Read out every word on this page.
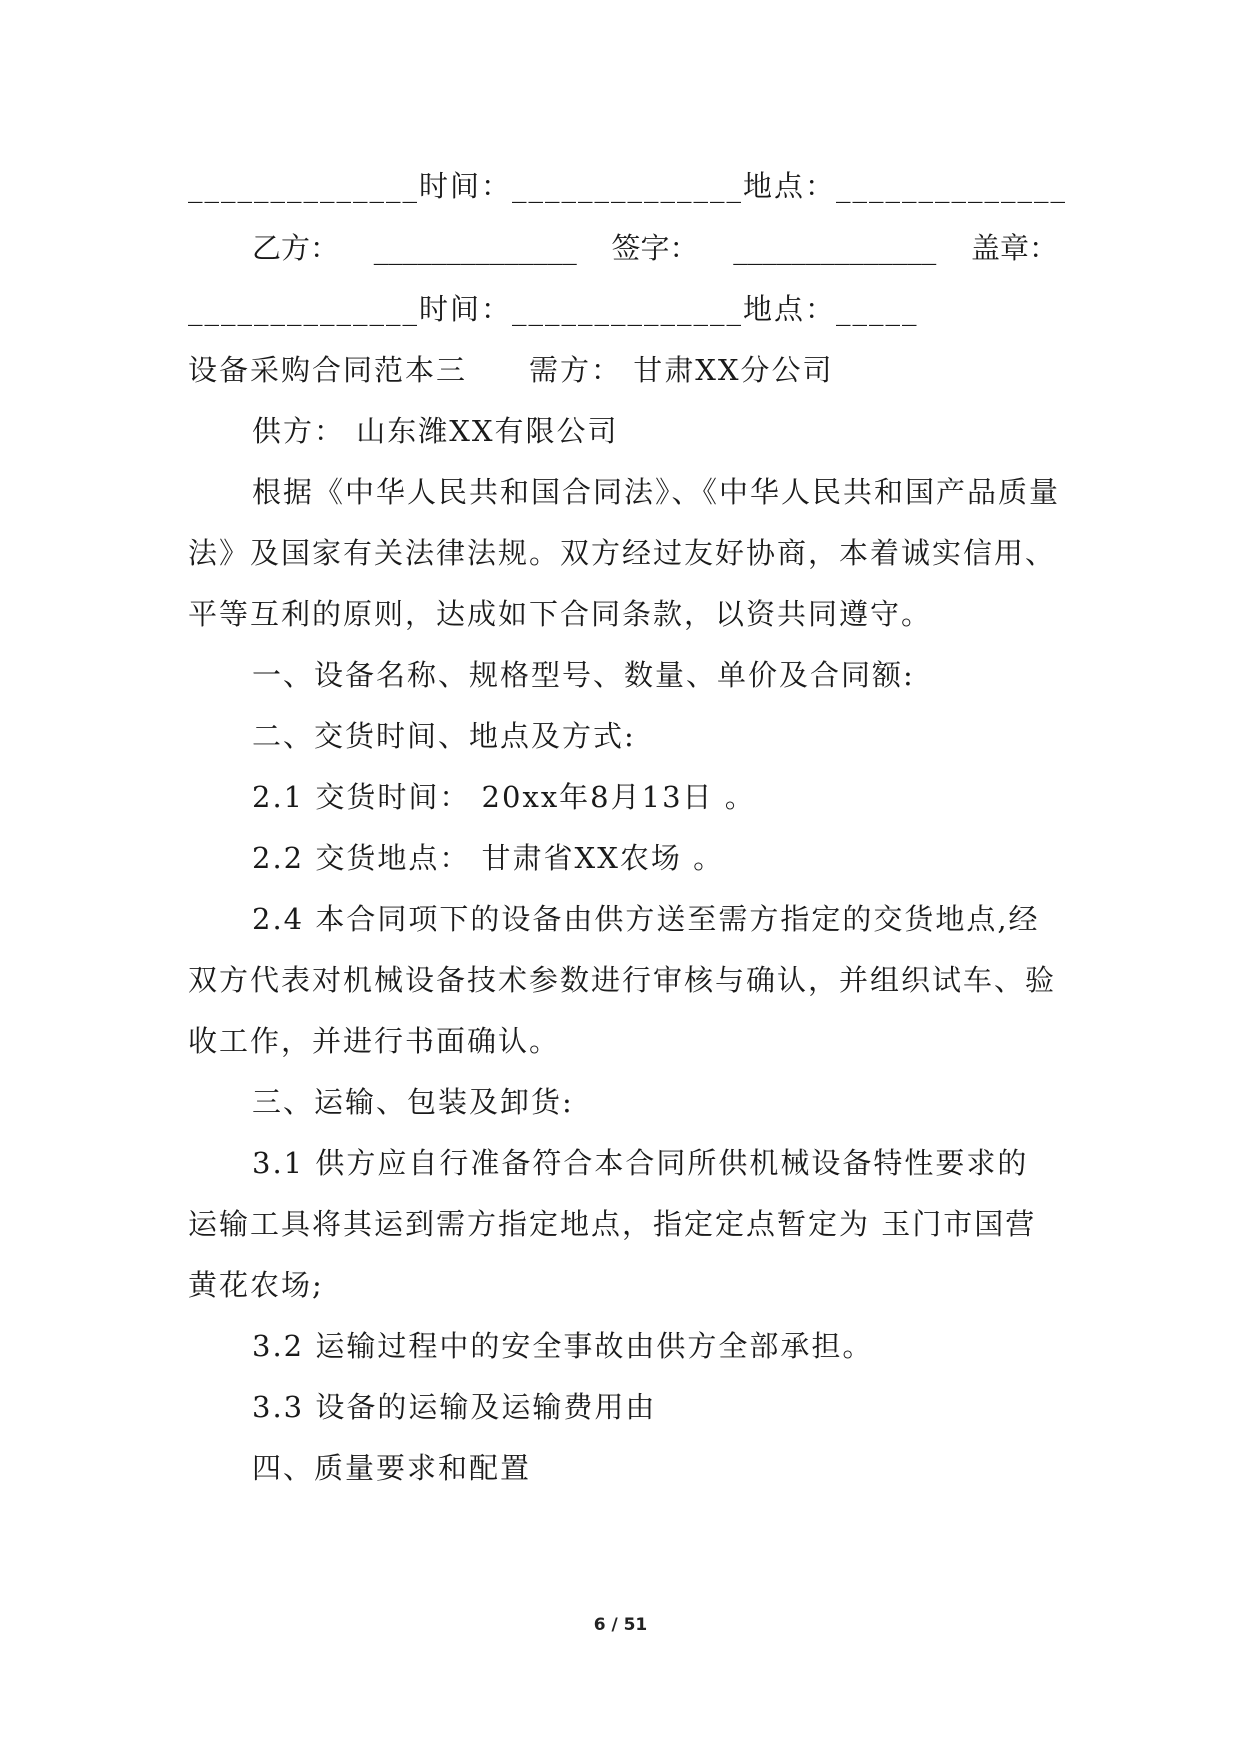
______________时间：______________地点：______________
乙方： ______________ 签字： ______________ 盖章：
______________时间：______________地点：_____
设备采购合同范本三　　需方： 甘肃XX分公司
供方： 山东潍XX有限公司
根据《中华人民共和国合同法》、《中华人民共和国产品质量
法》及国家有关法律法规。双方经过友好协商，本着诚实信用、
平等互利的原则，达成如下合同条款，以资共同遵守。
一、设备名称、规格型号、数量、单价及合同额:
二、交货时间、地点及方式:
2.1 交货时间： 20xx年8月13日 。
2.2 交货地点： 甘肃省XX农场 。
2.4 本合同项下的设备由供方送至需方指定的交货地点,经
双方代表对机械设备技术参数进行审核与确认，并组织试车、验
收工作，并进行书面确认。
三、运输、包装及卸货:
3.1 供方应自行准备符合本合同所供机械设备特性要求的
运输工具将其运到需方指定地点，指定定点暂定为 玉门市国营
黄花农场;
3.2 运输过程中的安全事故由供方全部承担。
3.3 设备的运输及运输费用由
四、质量要求和配置
6 / 51
